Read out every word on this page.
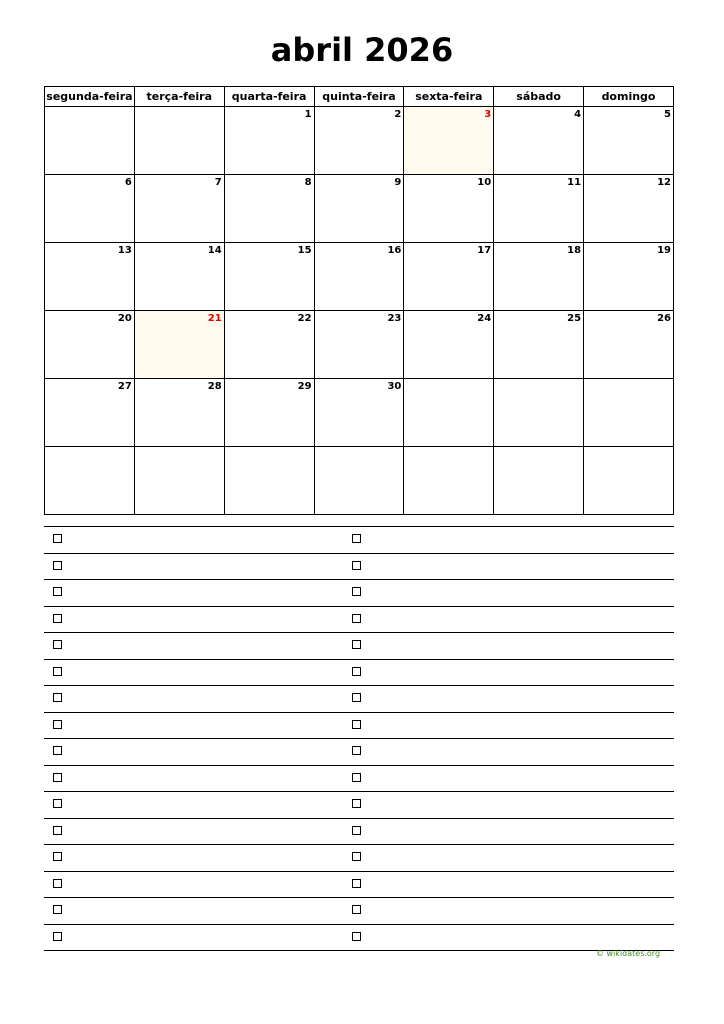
abril 2026
segunda-feira	terça-feira	quarta-feira	quinta-feira	sexta-feira	sábado	domingo

		1	2	3	4	5

6	7	8	9	10	11	12

13	14	15	16	17	18	19

20	21	22	23	24	25	26

27	28	29	30			

© wikidates.org
